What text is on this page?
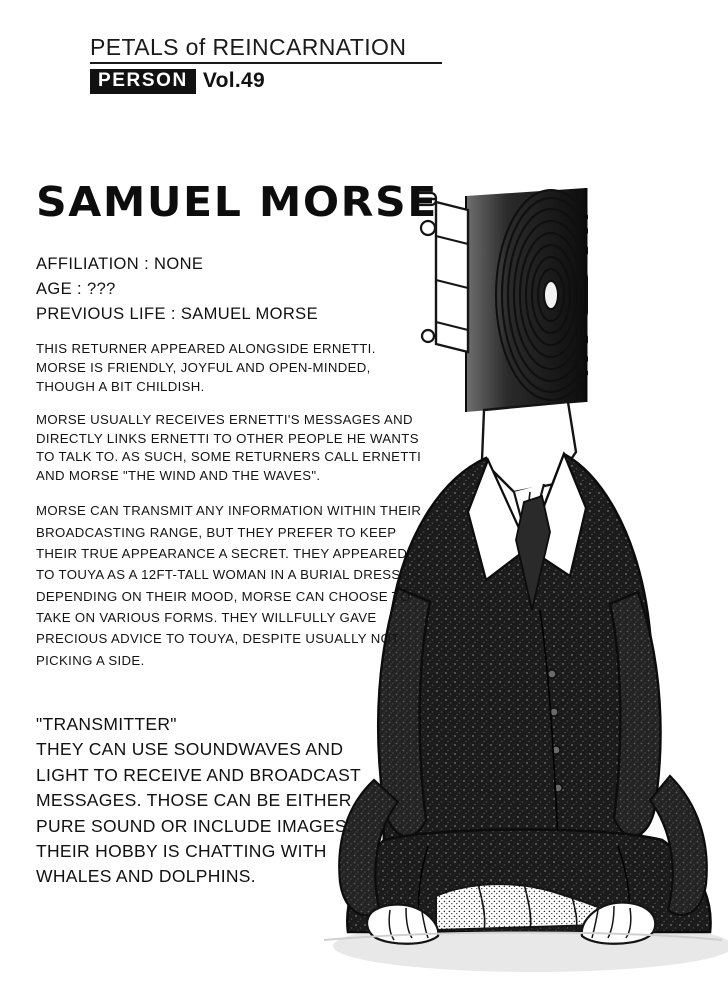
PETALS of REINCARNATION
PERSON Vol.49
SAMUEL MORSE
AFFILIATION : NONE
AGE : ???
PREVIOUS LIFE : SAMUEL MORSE

THIS RETURNER APPEARED ALONGSIDE ERNETTI. MORSE IS FRIENDLY, JOYFUL AND OPEN-MINDED, THOUGH A BIT CHILDISH.

MORSE USUALLY RECEIVES ERNETTI'S MESSAGES AND DIRECTLY LINKS ERNETTI TO OTHER PEOPLE HE WANTS TO TALK TO. AS SUCH, SOME RETURNERS CALL ERNETTI AND MORSE "THE WIND AND THE WAVES".

MORSE CAN TRANSMIT ANY INFORMATION WITHIN THEIR BROADCASTING RANGE, BUT THEY PREFER TO KEEP THEIR TRUE APPEARANCE A SECRET. THEY APPEARED TO TOUYA AS A 12FT-TALL WOMAN IN A BURIAL DRESS. DEPENDING ON THEIR MOOD, MORSE CAN CHOOSE TO TAKE ON VARIOUS FORMS. THEY WILLFULLY GAVE PRECIOUS ADVICE TO TOUYA, DESPITE USUALLY NOT PICKING A SIDE.

"TRANSMITTER"

THEY CAN USE SOUNDWAVES AND LIGHT TO RECEIVE AND BROADCAST MESSAGES. THOSE CAN BE EITHER PURE SOUND OR INCLUDE IMAGES. THEIR HOBBY IS CHATTING WITH WHALES AND DOLPHINS.
